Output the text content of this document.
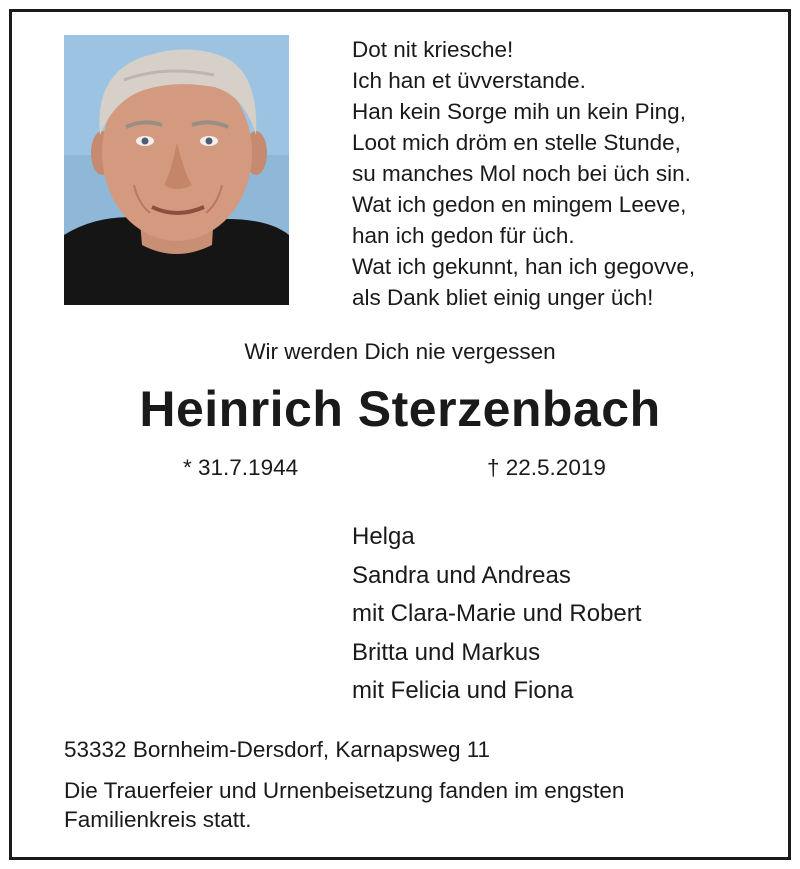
Dot nit kriesche!
Ich han et üvverstande.
Han kein Sorge mih un kein Ping,
Loot mich dröm en stelle Stunde,
su manches Mol noch bei üch sin.
Wat ich gedon en mingem Leeve,
han ich gedon für üch.
Wat ich gekunnt, han ich gegovve,
als Dank bliet einig unger üch!
Wir werden Dich nie vergessen
Heinrich Sterzenbach
* 31.7.1944	† 22.5.2019
Helga
Sandra und Andreas
mit Clara-Marie und Robert
Britta und Markus
mit Felicia und Fiona
53332 Bornheim-Dersdorf, Karnapsweg 11
Die Trauerfeier und Urnenbeisetzung fanden im engsten Familienkreis statt.
